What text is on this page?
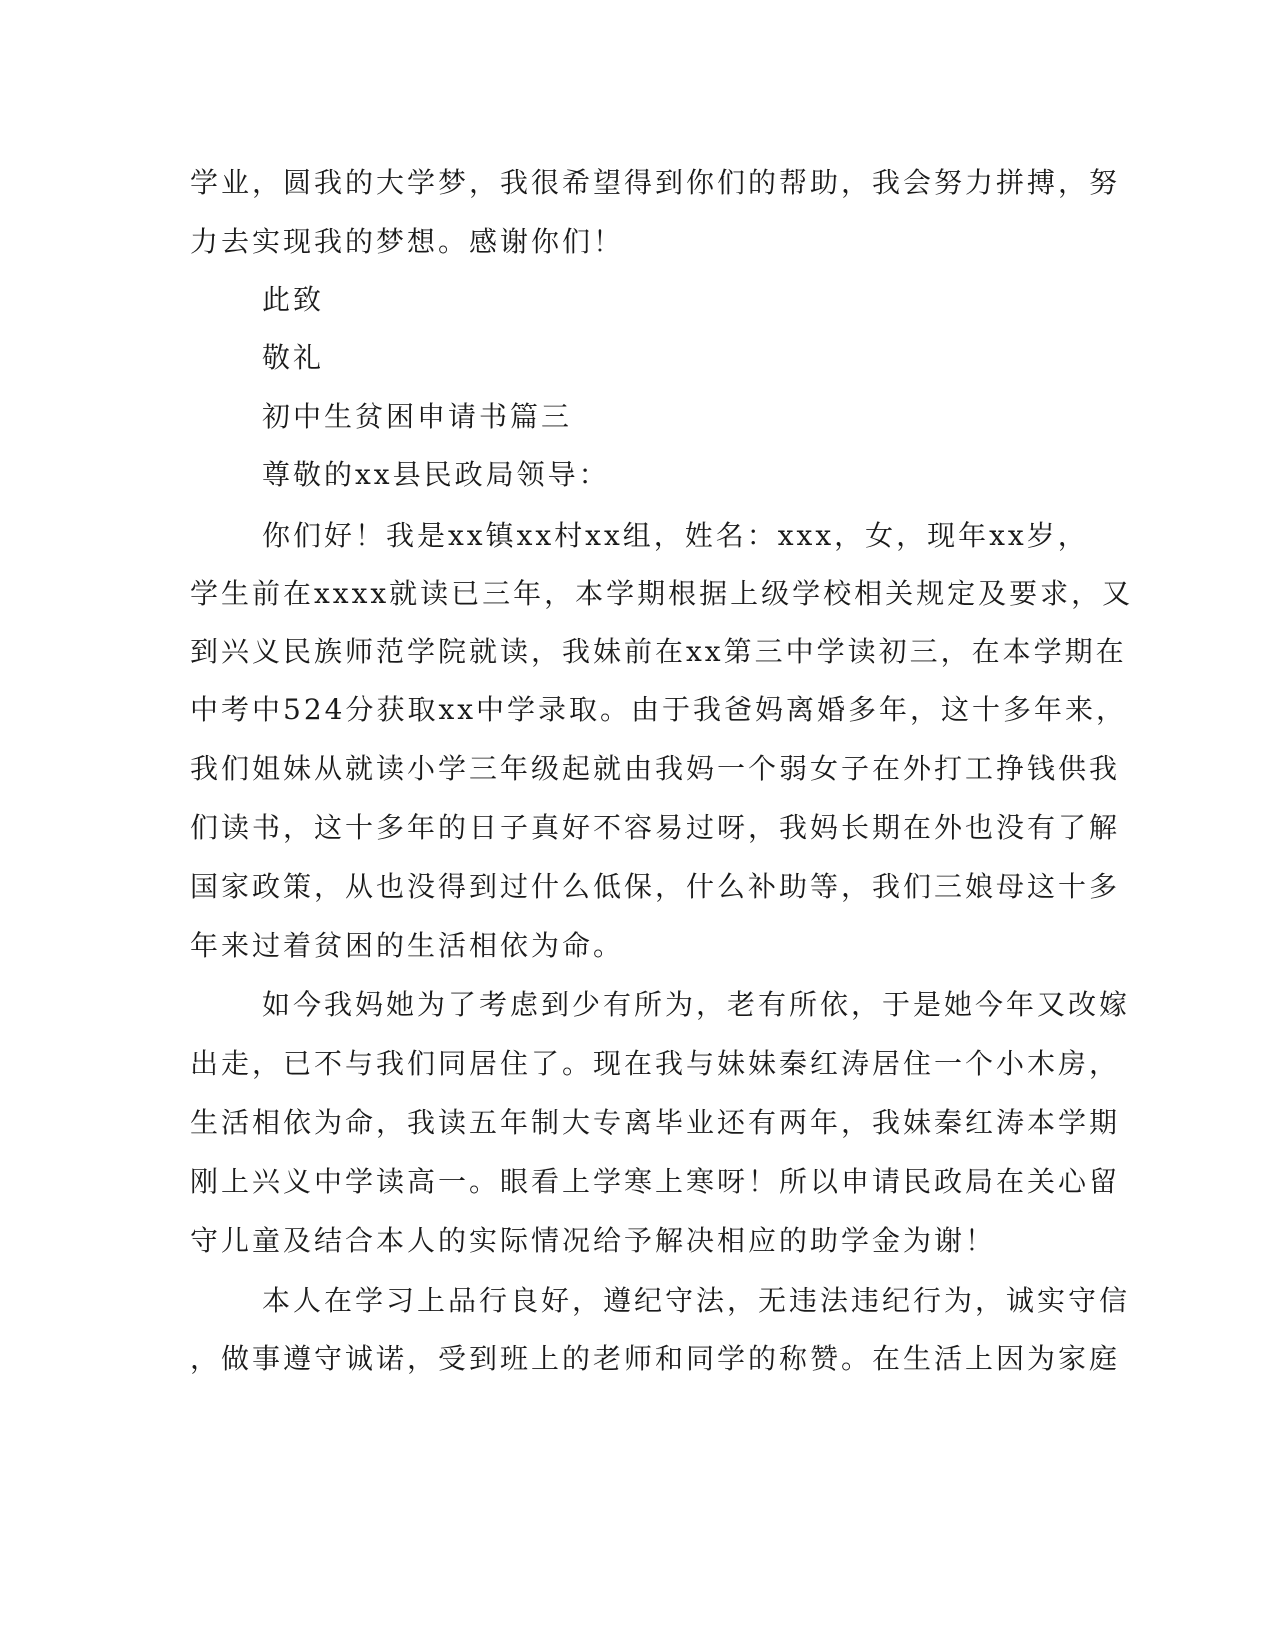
学业，圆我的大学梦，我很希望得到你们的帮助，我会努力拼搏，努
力去实现我的梦想。感谢你们！
此致
敬礼
初中生贫困申请书篇三
尊敬的xx县民政局领导：
你们好！我是xx镇xx村xx组，姓名：xxx，女，现年xx岁，
学生前在xxxx就读已三年，本学期根据上级学校相关规定及要求，又
到兴义民族师范学院就读，我妹前在xx第三中学读初三，在本学期在
中考中524分获取xx中学录取。由于我爸妈离婚多年，这十多年来，
我们姐妹从就读小学三年级起就由我妈一个弱女子在外打工挣钱供我
们读书，这十多年的日子真好不容易过呀，我妈长期在外也没有了解
国家政策，从也没得到过什么低保，什么补助等，我们三娘母这十多
年来过着贫困的生活相依为命。
如今我妈她为了考虑到少有所为，老有所依，于是她今年又改嫁
出走，已不与我们同居住了。现在我与妹妹秦红涛居住一个小木房，
生活相依为命，我读五年制大专离毕业还有两年，我妹秦红涛本学期
刚上兴义中学读高一。眼看上学寒上寒呀！所以申请民政局在关心留
守儿童及结合本人的实际情况给予解决相应的助学金为谢！
本人在学习上品行良好，遵纪守法，无违法违纪行为，诚实守信
，做事遵守诚诺，受到班上的老师和同学的称赞。在生活上因为家庭
